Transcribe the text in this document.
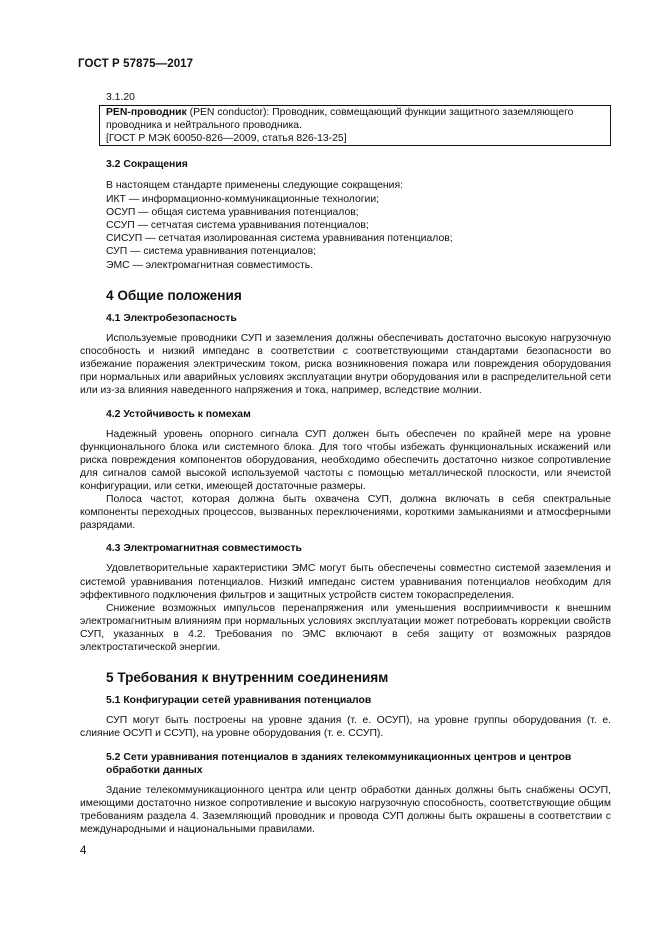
ГОСТ Р 57875—2017
3.1.20
PEN-проводник (PEN conductor): Проводник, совмещающий функции защитного заземляющего проводника и нейтрального проводника.
[ГОСТ Р МЭК 60050-826—2009, статья 826-13-25]
3.2 Сокращения
В настоящем стандарте применены следующие сокращения:
ИКТ — информационно-коммуникационные технологии;
ОСУП — общая система уравнивания потенциалов;
ССУП — сетчатая система уравнивания потенциалов;
СИСУП — сетчатая изолированная система уравнивания потенциалов;
СУП — система уравнивания потенциалов;
ЭМС — электромагнитная совместимость.
4 Общие положения
4.1 Электробезопасность

Используемые проводники СУП и заземления должны обеспечивать достаточно высокую нагрузочную способность и низкий импеданс в соответствии с соответствующими стандартами безопасности во избежание поражения электрическим током, риска возникновения пожара или повреждения оборудования при нормальных или аварийных условиях эксплуатации внутри оборудования или в распределительной сети или из-за влияния наведенного напряжения и тока, например, вследствие молнии.

4.2 Устойчивость к помехам

Надежный уровень опорного сигнала СУП должен быть обеспечен по крайней мере на уровне функционального блока или системного блока. Для того чтобы избежать функциональных искажений или риска повреждения компонентов оборудования, необходимо обеспечить достаточно низкое сопротивление для сигналов самой высокой используемой частоты с помощью металлической плоскости, или ячеистой конфигурации, или сетки, имеющей достаточные размеры.

Полоса частот, которая должна быть охвачена СУП, должна включать в себя спектральные компоненты переходных процессов, вызванных переключениями, короткими замыканиями и атмосферными разрядами.

4.3 Электромагнитная совместимость

Удовлетворительные характеристики ЭМС могут быть обеспечены совместно системой заземления и системой уравнивания потенциалов. Низкий импеданс систем уравнивания потенциалов необходим для эффективного подключения фильтров и защитных устройств систем токораспределения.

Снижение возможных импульсов перенапряжения или уменьшения восприимчивости к внешним электромагнитным влияниям при нормальных условиях эксплуатации может потребовать коррекции свойств СУП, указанных в 4.2. Требования по ЭМС включают в себя защиту от возможных разрядов электростатической энергии.

5 Требования к внутренним соединениям
5.1 Конфигурации сетей уравнивания потенциалов

СУП могут быть построены на уровне здания (т. е. ОСУП), на уровне группы оборудования (т. е. слияние ОСУП и ССУП), на уровне оборудования (т. е. ССУП).

5.2 Сети уравнивания потенциалов в зданиях телекоммуникационных центров и центров обработки данных

Здание телекоммуникационного центра или центр обработки данных должны быть снабжены ОСУП, имеющими достаточно низкое сопротивление и высокую нагрузочную способность, соответствующие общим требованиям раздела 4. Заземляющий проводник и провода СУП должны быть окрашены в соответствии с международными и национальными правилами.

4
